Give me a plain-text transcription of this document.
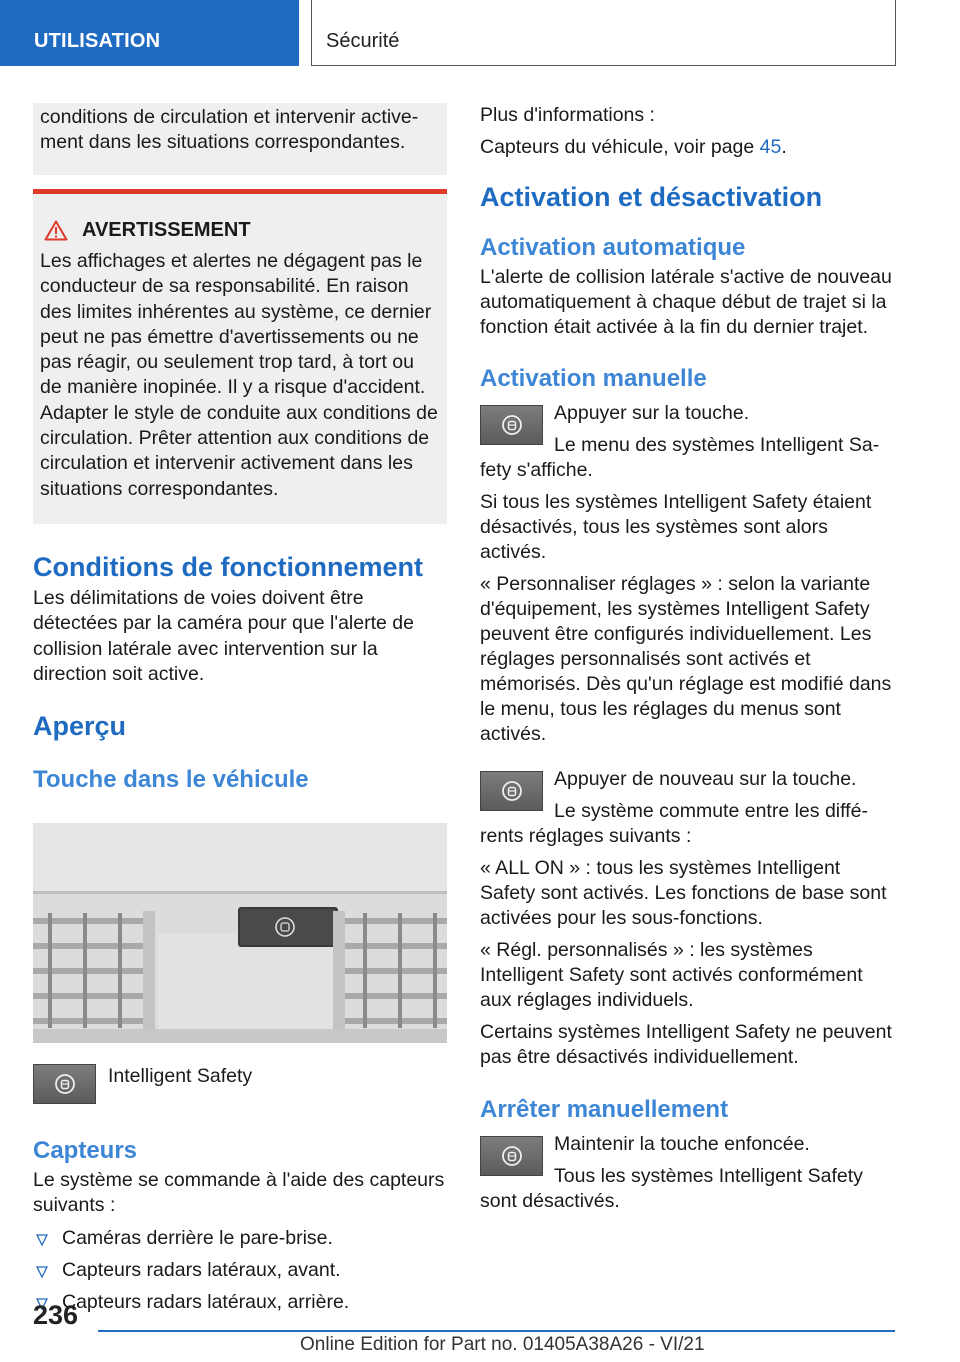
UTILISATION	Sécurité

conditions de circulation et intervenir activement dans les situations correspondantes.

AVERTISSEMENT

Les affichages et alertes ne dégagent pas le conducteur de sa responsabilité. En raison des limites inhérentes au système, ce dernier peut ne pas émettre d'avertissements ou ne pas réagir, ou seulement trop tard, à tort ou de manière inopinée. Il y a risque d'accident. Adapter le style de conduite aux conditions de circulation. Prêter attention aux conditions de circulation et intervenir activement dans les situations correspondantes.

Conditions de fonctionnement

Les délimitations de voies doivent être détectées par la caméra pour que l'alerte de collision latérale avec intervention sur la direction soit active.

Aperçu
Touche dans le véhicule

Intelligent Safety

Capteurs

Le système se commande à l'aide des capteurs suivants :

Caméras derrière le pare-brise.
Capteurs radars latéraux, avant.
Capteurs radars latéraux, arrière.

Plus d'informations :

Capteurs du véhicule, voir page 45.

Activation et désactivation
Activation automatique

L'alerte de collision latérale s'active de nouveau automatiquement à chaque début de trajet si la fonction était activée à la fin du dernier trajet.

Activation manuelle

Appuyer sur la touche.

Le menu des systèmes Intelligent Safety s'affiche.

Si tous les systèmes Intelligent Safety étaient désactivés, tous les systèmes sont alors activés.

« Personnaliser réglages » : selon la variante d'équipement, les systèmes Intelligent Safety peuvent être configurés individuellement. Les réglages personnalisés sont activés et mémorisés. Dès qu'un réglage est modifié dans le menu, tous les réglages du menus sont activés.

Appuyer de nouveau sur la touche.

Le système commute entre les différents réglages suivants :

« ALL ON » : tous les systèmes Intelligent Safety sont activés. Les fonctions de base sont activées pour les sous-fonctions.

« Régl. personnalisés » : les systèmes Intelligent Safety sont activés conformément aux réglages individuels.

Certains systèmes Intelligent Safety ne peuvent pas être désactivés individuellement.

Arrêter manuellement

Maintenir la touche enfoncée.

Tous les systèmes Intelligent Safety sont désactivés.

236
Online Edition for Part no. 01405A38A26 - VI/21
